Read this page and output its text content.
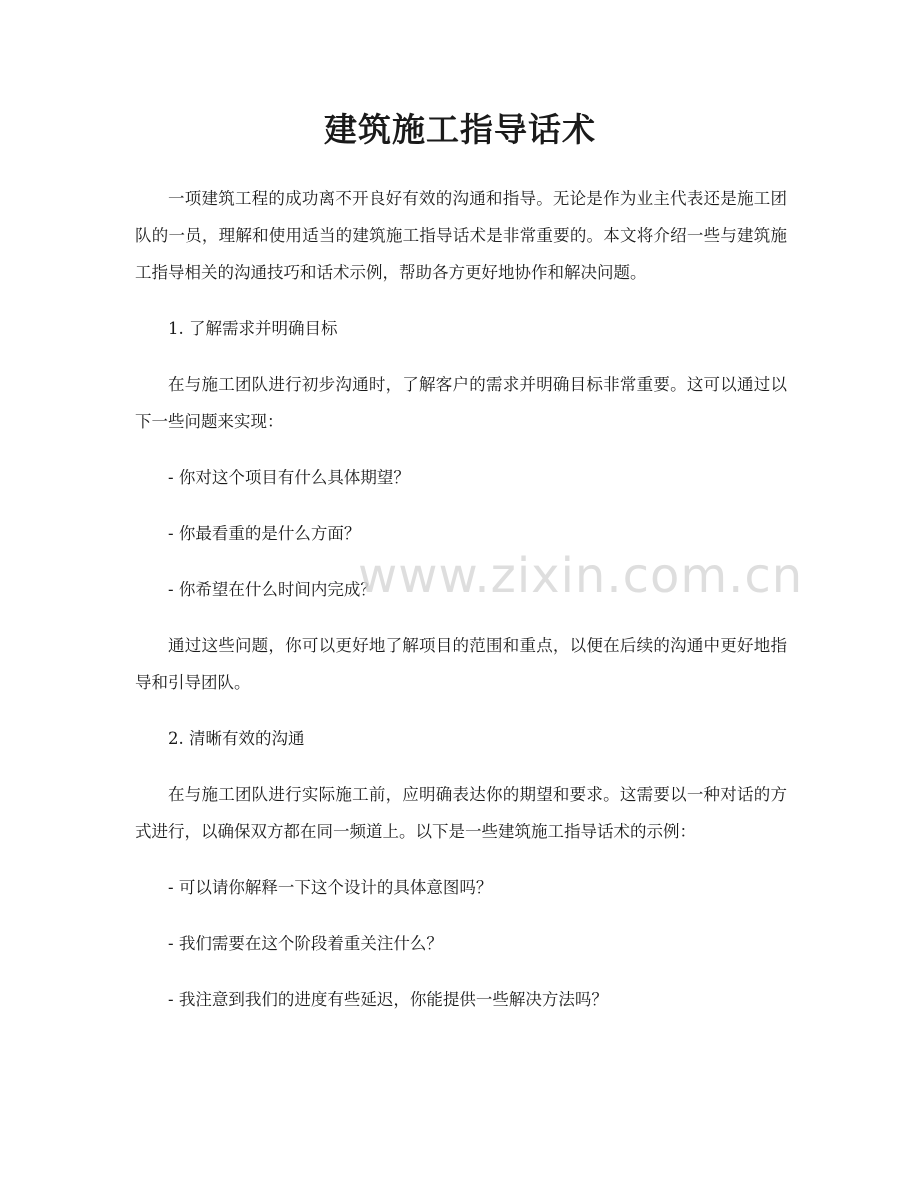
建筑施工指导话术

一项建筑工程的成功离不开良好有效的沟通和指导。无论是作为业主代表还是施工团队的一员，理解和使用适当的建筑施工指导话术是非常重要的。本文将介绍一些与建筑施工指导相关的沟通技巧和话术示例，帮助各方更好地协作和解决问题。

1. 了解需求并明确目标

在与施工团队进行初步沟通时，了解客户的需求并明确目标非常重要。这可以通过以下一些问题来实现：

- 你对这个项目有什么具体期望？

- 你最看重的是什么方面？

- 你希望在什么时间内完成？

通过这些问题，你可以更好地了解项目的范围和重点，以便在后续的沟通中更好地指导和引导团队。

2. 清晰有效的沟通

在与施工团队进行实际施工前，应明确表达你的期望和要求。这需要以一种对话的方式进行，以确保双方都在同一频道上。以下是一些建筑施工指导话术的示例：

- 可以请你解释一下这个设计的具体意图吗？

- 我们需要在这个阶段着重关注什么？

- 我注意到我们的进度有些延迟，你能提供一些解决方法吗？

www.zixin.com.cn
